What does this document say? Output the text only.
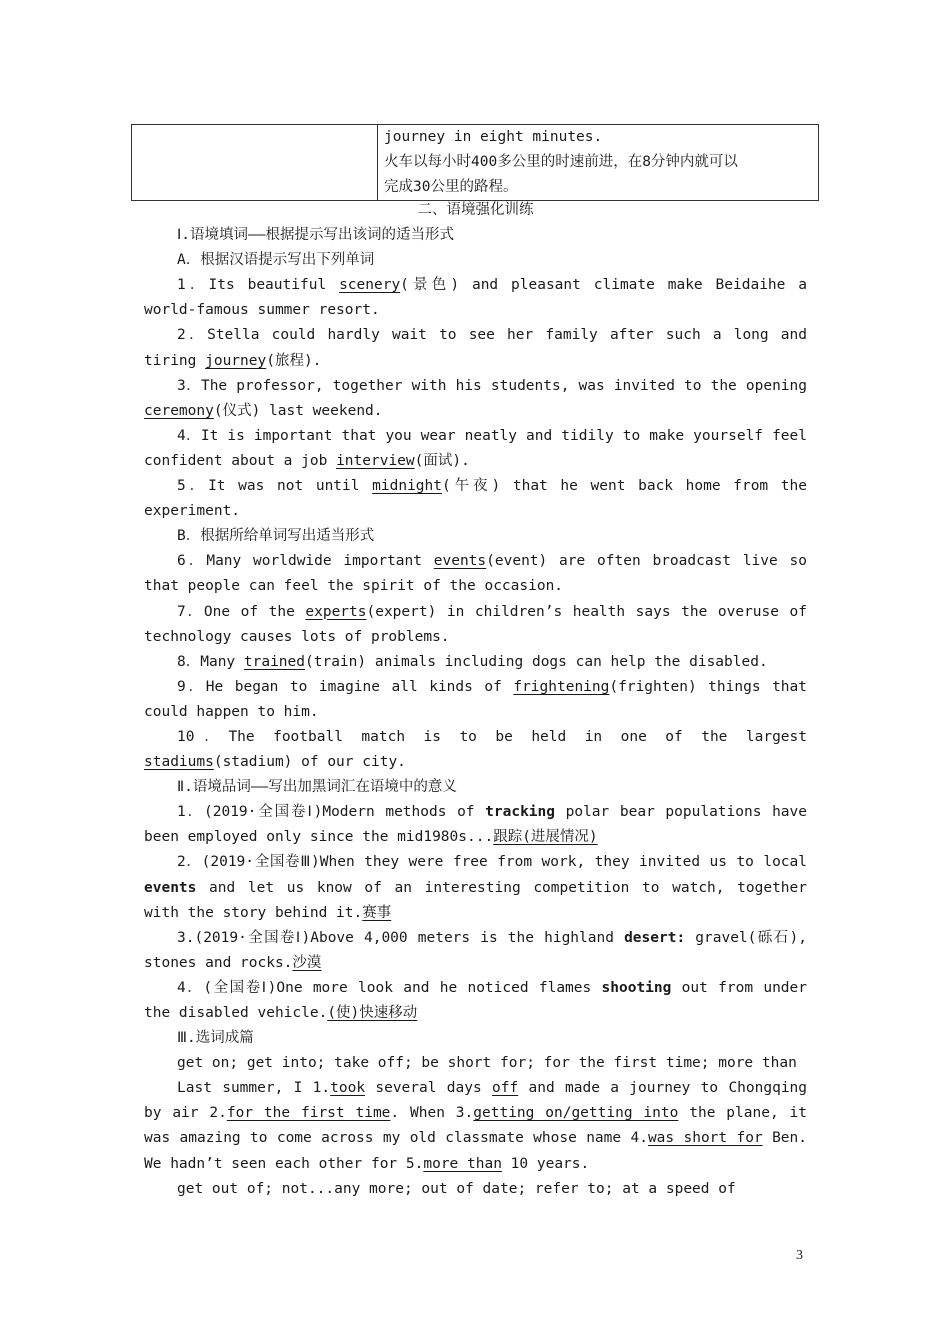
journey in eight minutes.
火车以每小时400多公里的时速前进，在8分钟内就可以
完成30公里的路程。
二、语境强化训练
Ⅰ.语境填词——根据提示写出该词的适当形式
A．根据汉语提示写出下列单词
1．Its beautiful scenery(景色) and pleasant climate make Beidaihe a world-famous summer resort.
2．Stella could hardly wait to see her family after such a long and tiring journey(旅程).
3．The professor, together with his students, was invited to the opening ceremony(仪式) last weekend.
4．It is important that you wear neatly and tidily to make yourself feel confident about a job interview(面试).
5．It was not until midnight(午夜) that he went back home from the experiment.
B．根据所给单词写出适当形式
6．Many worldwide important events(event) are often broadcast live so that people can feel the spirit of the occasion.
7．One of the experts(expert) in children’s health says the overuse of technology causes lots of problems.
8．Many trained(train) animals including dogs can help the disabled.
9．He began to imagine all kinds of frightening(frighten) things that could happen to him.
10．The football match is to be held in one of the largest stadiums(stadium) of our city.
Ⅱ.语境品词——写出加黑词汇在语境中的意义
1．(2019·全国卷Ⅰ)Modern methods of tracking polar bear populations have been employed only since the mid1980s...跟踪(进展情况)
2．(2019·全国卷Ⅲ)When they were free from work, they invited us to local events and let us know of an interesting competition to watch, together with the story behind it.赛事
3.(2019·全国卷Ⅰ)Above 4,000 meters is the highland desert: gravel(砾石), stones and rocks.沙漠
4．(全国卷Ⅰ)One more look and he noticed flames shooting out from under the disabled vehicle.(使)快速移动
Ⅲ.选词成篇
get on; get into; take off; be short for; for the first time; more than
Last summer, I 1.took several days off and made a journey to Chongqing by air 2.for the first time. When 3.getting on/getting into the plane, it was amazing to come across my old classmate whose name 4.was short for Ben. We hadn’t seen each other for 5.more than 10 years.
get out of; not...any more; out of date; refer to; at a speed of
3
